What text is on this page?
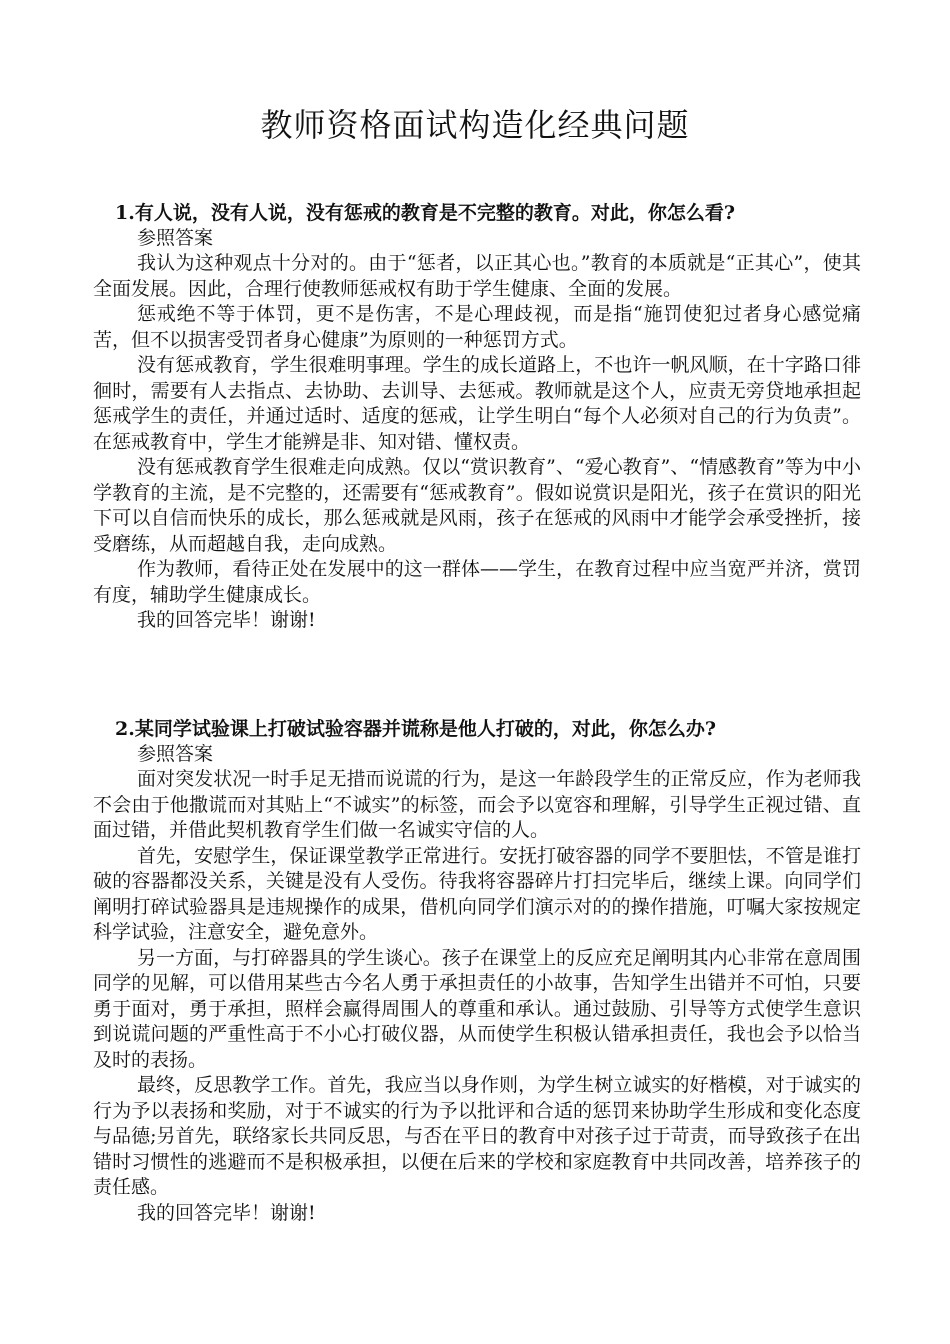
教师资格面试构造化经典问题
1.有人说，没有人说，没有惩戒的教育是不完整的教育。对此，你怎么看?
参照答案

我认为这种观点十分对的。由于“惩者，以正其心也。”教育的本质就是“正其心”，使其全面发展。因此，合理行使教师惩戒权有助于学生健康、全面的发展。

惩戒绝不等于体罚，更不是伤害，不是心理歧视，而是指“施罚使犯过者身心感觉痛苦，但不以损害受罚者身心健康”为原则的一种惩罚方式。

没有惩戒教育，学生很难明事理。学生的成长道路上，不也许一帆风顺，在十字路口徘徊时，需要有人去指点、去协助、去训导、去惩戒。教师就是这个人，应责无旁贷地承担起惩戒学生的责任，并通过适时、适度的惩戒，让学生明白“每个人必须对自己的行为负责”。在惩戒教育中，学生才能辨是非、知对错、懂权责。

没有惩戒教育学生很难走向成熟。仅以“赏识教育”、“爱心教育”、“情感教育”等为中小学教育的主流，是不完整的，还需要有“惩戒教育”。假如说赏识是阳光，孩子在赏识的阳光下可以自信而快乐的成长，那么惩戒就是风雨，孩子在惩戒的风雨中才能学会承受挫折，接受磨练，从而超越自我，走向成熟。

作为教师，看待正处在发展中的这一群体——学生，在教育过程中应当宽严并济，赏罚有度，辅助学生健康成长。

我的回答完毕！谢谢!
2.某同学试验课上打破试验容器并谎称是他人打破的，对此，你怎么办?
参照答案

面对突发状况一时手足无措而说谎的行为，是这一年龄段学生的正常反应，作为老师我不会由于他撒谎而对其贴上“不诚实”的标签，而会予以宽容和理解，引导学生正视过错、直面过错，并借此契机教育学生们做一名诚实守信的人。

首先，安慰学生，保证课堂教学正常进行。安抚打破容器的同学不要胆怯，不管是谁打破的容器都没关系，关键是没有人受伤。待我将容器碎片打扫完毕后，继续上课。向同学们阐明打碎试验器具是违规操作的成果，借机向同学们演示对的的操作措施，叮嘱大家按规定科学试验，注意安全，避免意外。

另一方面，与打碎器具的学生谈心。孩子在课堂上的反应充足阐明其内心非常在意周围同学的见解，可以借用某些古今名人勇于承担责任的小故事，告知学生出错并不可怕，只要勇于面对，勇于承担，照样会赢得周围人的尊重和承认。通过鼓励、引导等方式使学生意识到说谎问题的严重性高于不小心打破仪器，从而使学生积极认错承担责任，我也会予以恰当及时的表扬。

最终，反思教学工作。首先，我应当以身作则，为学生树立诚实的好楷模，对于诚实的行为予以表扬和奖励，对于不诚实的行为予以批评和合适的惩罚来协助学生形成和变化态度与品德;另首先，联络家长共同反思，与否在平日的教育中对孩子过于苛责，而导致孩子在出错时习惯性的逃避而不是积极承担，以便在后来的学校和家庭教育中共同改善，培养孩子的责任感。

我的回答完毕！谢谢!
